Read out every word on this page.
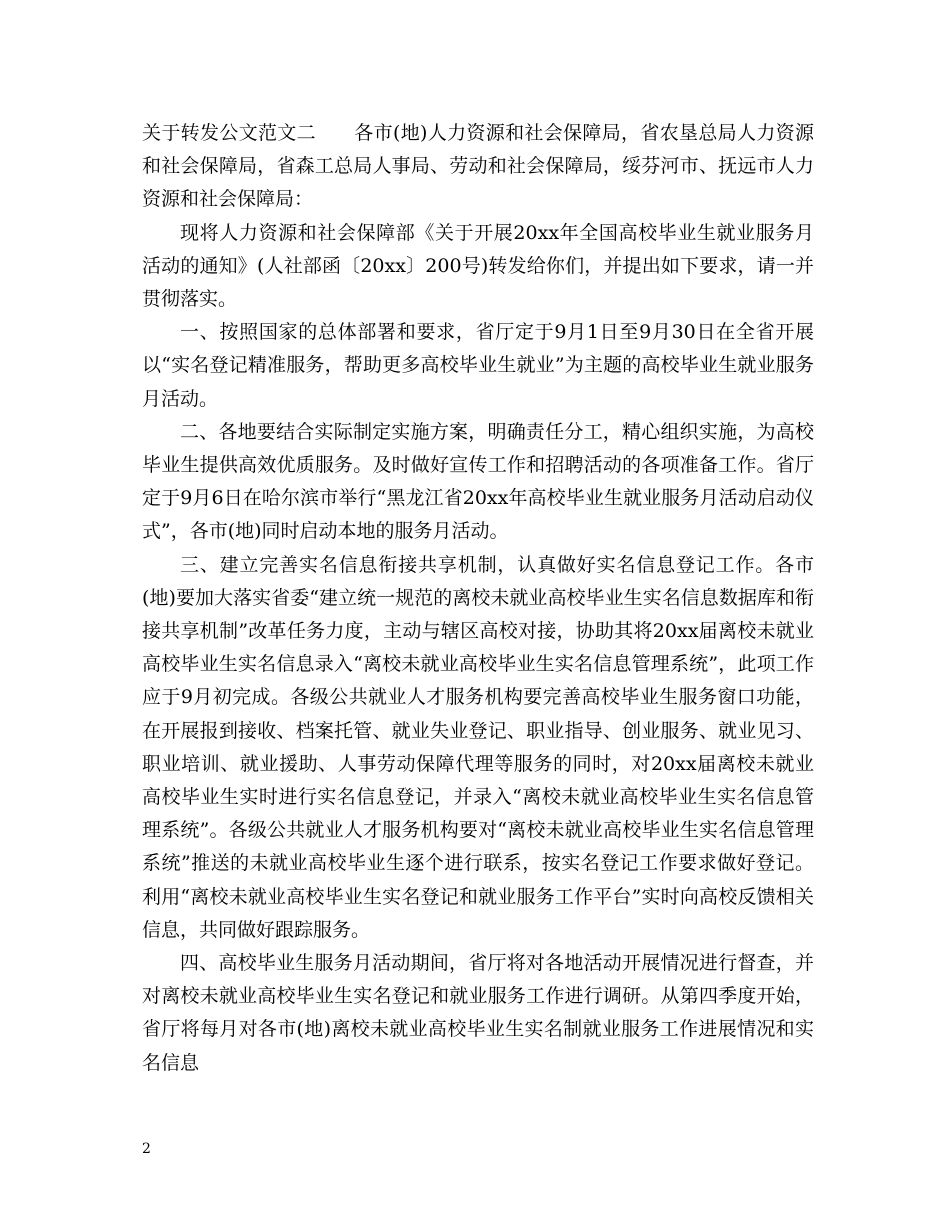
关于转发公文范文二 各市(地)人力资源和社会保障局，省农垦总局人力资源和社会保障局，省森工总局人事局、劳动和社会保障局，绥芬河市、抚远市人力资源和社会保障局：

现将人力资源和社会保障部《关于开展20xx年全国高校毕业生就业服务月活动的通知》(人社部函〔20xx〕200号)转发给你们，并提出如下要求，请一并贯彻落实。

一、按照国家的总体部署和要求，省厅定于9月1日至9月30日在全省开展以“实名登记精准服务，帮助更多高校毕业生就业”为主题的高校毕业生就业服务月活动。

二、各地要结合实际制定实施方案，明确责任分工，精心组织实施，为高校毕业生提供高效优质服务。及时做好宣传工作和招聘活动的各项准备工作。省厅定于9月6日在哈尔滨市举行“黑龙江省20xx年高校毕业生就业服务月活动启动仪式”，各市(地)同时启动本地的服务月活动。

三、建立完善实名信息衔接共享机制，认真做好实名信息登记工作。各市(地)要加大落实省委“建立统一规范的离校未就业高校毕业生实名信息数据库和衔接共享机制”改革任务力度，主动与辖区高校对接，协助其将20xx届离校未就业高校毕业生实名信息录入“离校未就业高校毕业生实名信息管理系统”，此项工作应于9月初完成。各级公共就业人才服务机构要完善高校毕业生服务窗口功能，在开展报到接收、档案托管、就业失业登记、职业指导、创业服务、就业见习、职业培训、就业援助、人事劳动保障代理等服务的同时，对20xx届离校未就业高校毕业生实时进行实名信息登记，并录入“离校未就业高校毕业生实名信息管理系统”。各级公共就业人才服务机构要对“离校未就业高校毕业生实名信息管理系统”推送的未就业高校毕业生逐个进行联系，按实名登记工作要求做好登记。利用“离校未就业高校毕业生实名登记和就业服务工作平台”实时向高校反馈相关信息，共同做好跟踪服务。

四、高校毕业生服务月活动期间，省厅将对各地活动开展情况进行督查，并对离校未就业高校毕业生实名登记和就业服务工作进行调研。从第四季度开始，省厅将每月对各市(地)离校未就业高校毕业生实名制就业服务工作进展情况和实名信息

2
